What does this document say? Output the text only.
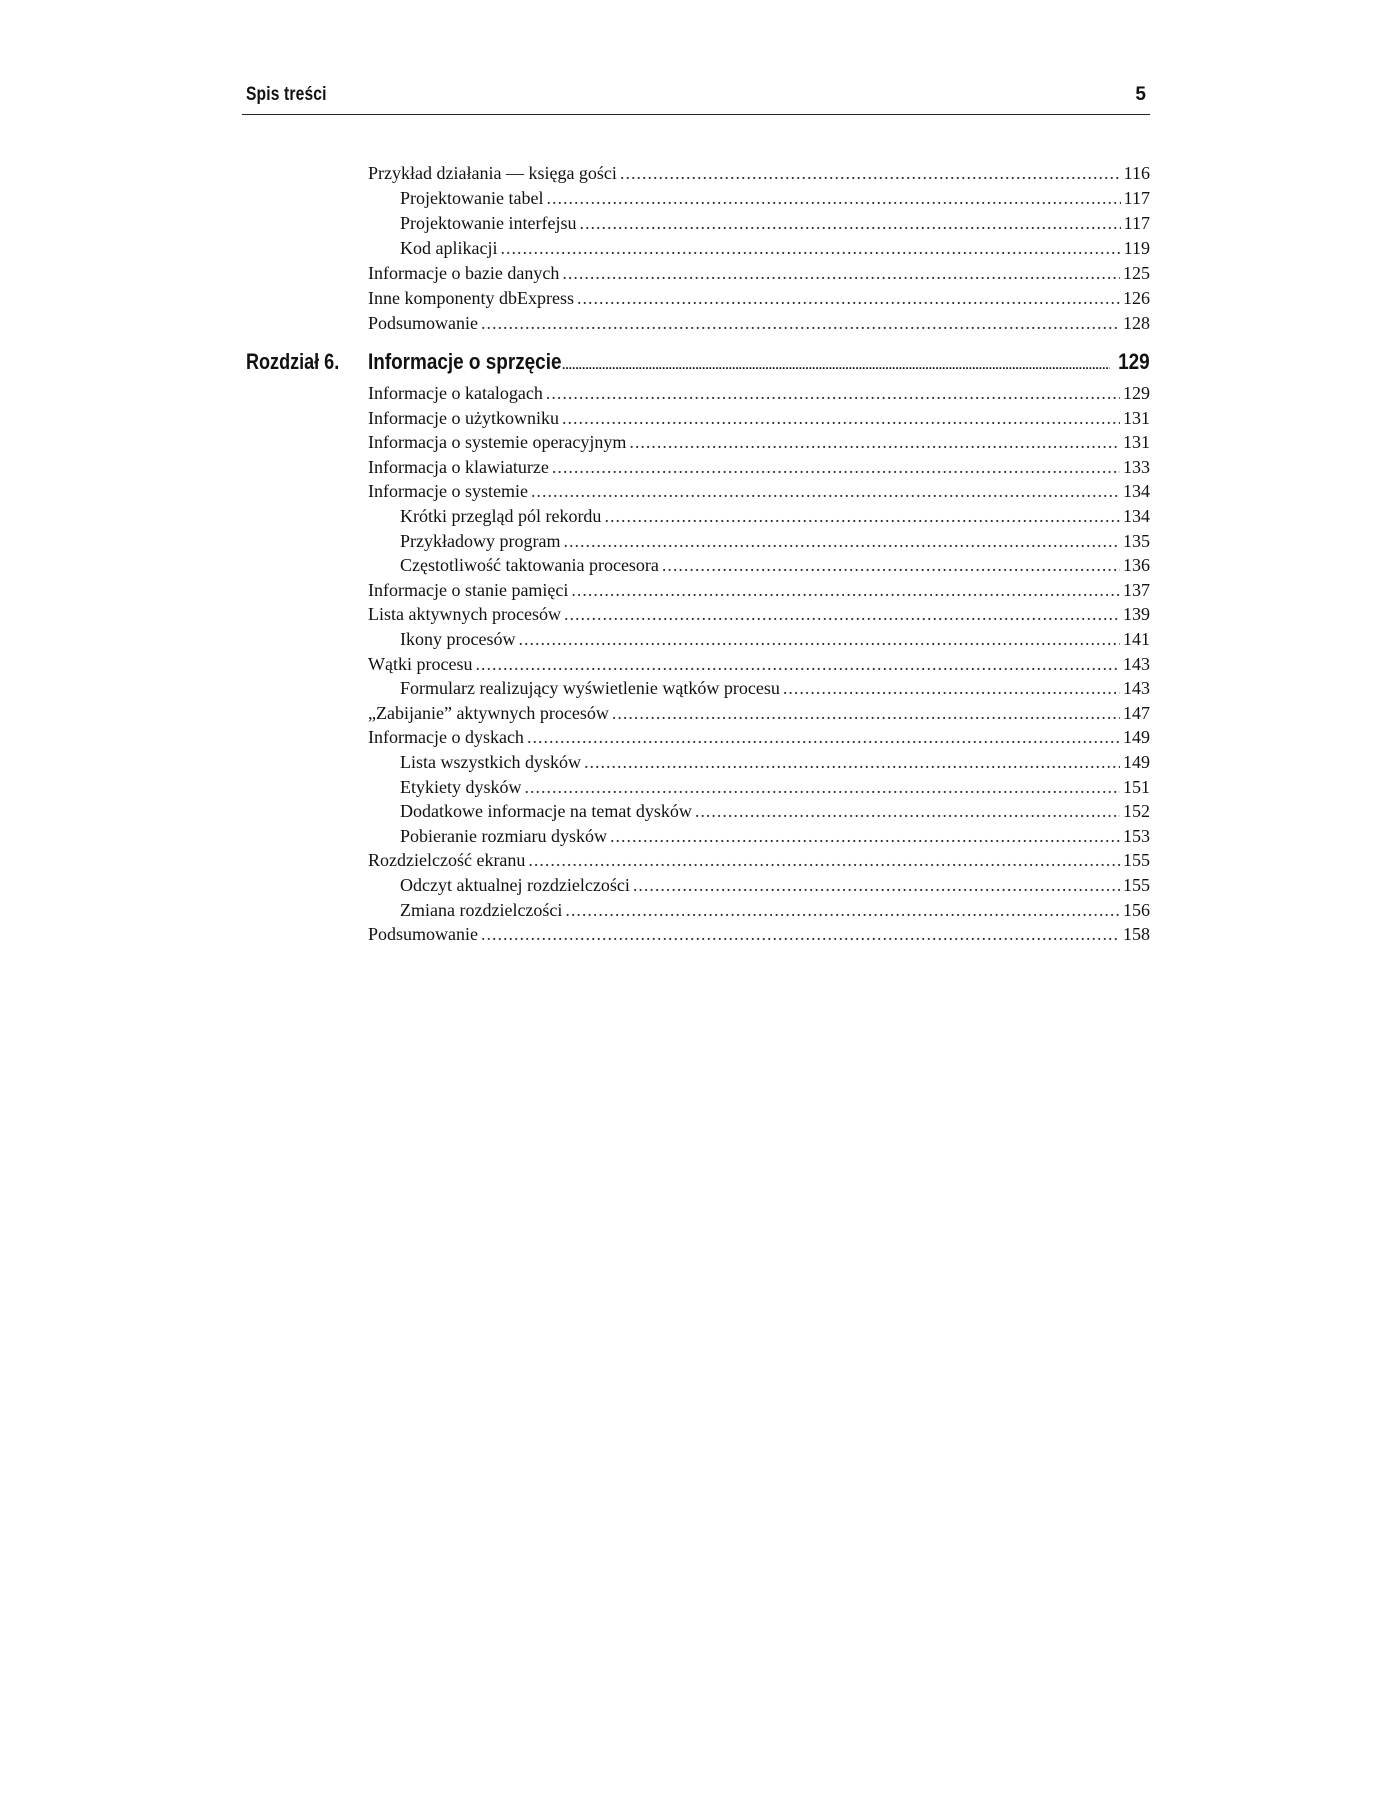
Spis treści	5
Przykład działania — księga gości .....	116
Projektowanie tabel .....	117
Projektowanie interfejsu .....	117
Kod aplikacji .....	119
Informacje o bazie danych .....	125
Inne komponenty dbExpress .....	126
Podsumowanie .....	128
Rozdział 6.	Informacje o sprzęcie .....	129
Informacje o katalogach .....	129
Informacje o użytkowniku .....	131
Informacja o systemie operacyjnym .....	131
Informacja o klawiaturze .....	133
Informacje o systemie .....	134
Krótki przegląd pól rekordu .....	134
Przykładowy program .....	135
Częstotliwość taktowania procesora .....	136
Informacje o stanie pamięci .....	137
Lista aktywnych procesów .....	139
Ikony procesów .....	141
Wątki procesu .....	143
Formularz realizujący wyświetlenie wątków procesu .....	143
„Zabijanie” aktywnych procesów .....	147
Informacje o dyskach .....	149
Lista wszystkich dysków .....	149
Etykiety dysków .....	151
Dodatkowe informacje na temat dysków .....	152
Pobieranie rozmiaru dysków .....	153
Rozdzielczość ekranu .....	155
Odczyt aktualnej rozdzielczości .....	155
Zmiana rozdzielczości .....	156
Podsumowanie .....	158
